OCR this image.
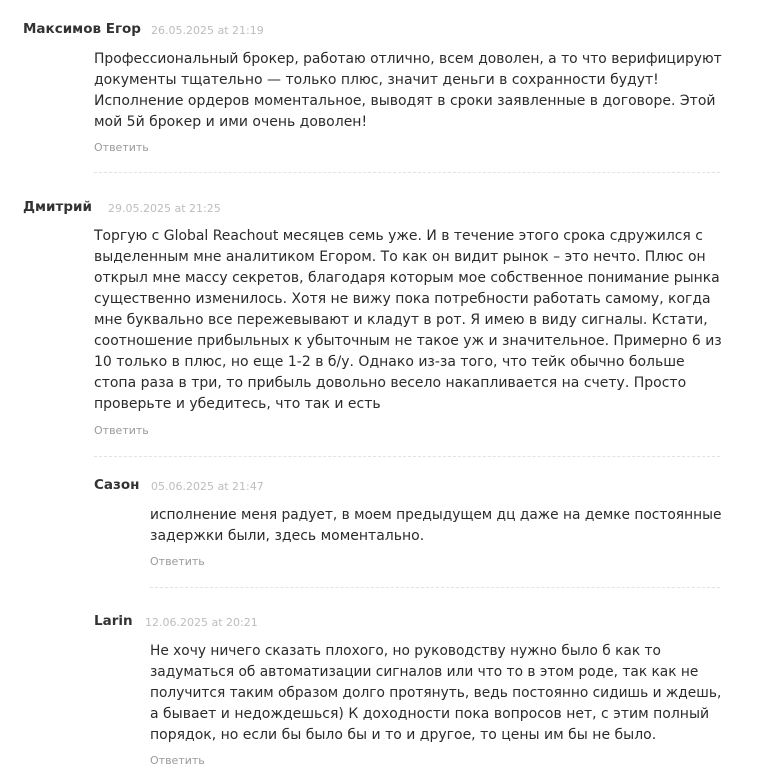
Максимов Егор 26.05.2025 at 21:19

Профессиональный брокер, работаю отлично, всем доволен, а то что верифицируют
документы тщательно — только плюс, значит деньги в сохранности будут!
Исполнение ордеров моментальное, выводят в сроки заявленные в договоре. Этой
мой 5й брокер и ими очень доволен!

Ответить
Дмитрий 29.05.2025 at 21:25

Торгую с Global Reachout месяцев семь уже. И в течение этого срока сдружился с
выделенным мне аналитиком Егором. То как он видит рынок – это нечто. Плюс он
открыл мне массу секретов, благодаря которым мое собственное понимание рынка
существенно изменилось. Хотя не вижу пока потребности работать самому, когда
мне буквально все пережевывают и кладут в рот. Я имею в виду сигналы. Кстати,
соотношение прибыльных к убыточным не такое уж и значительное. Примерно 6 из
10 только в плюс, но еще 1-2 в б/у. Однако из-за того, что тейк обычно больше
стопа раза в три, то прибыль довольно весело накапливается на счету. Просто
проверьте и убедитесь, что так и есть

Ответить
Сазон 05.06.2025 at 21:47

исполнение меня радует, в моем предыдущем дц даже на демке постоянные
задержки были, здесь моментально.

Ответить
Larin 12.06.2025 at 20:21

Не хочу ничего сказать плохого, но руководству нужно было б как то
задуматься об автоматизации сигналов или что то в этом роде, так как не
получится таким образом долго протянуть, ведь постоянно сидишь и ждешь,
а бывает и недождешься) К доходности пока вопросов нет, с этим полный
порядок, но если бы было бы и то и другое, то цены им бы не было.

Ответить
